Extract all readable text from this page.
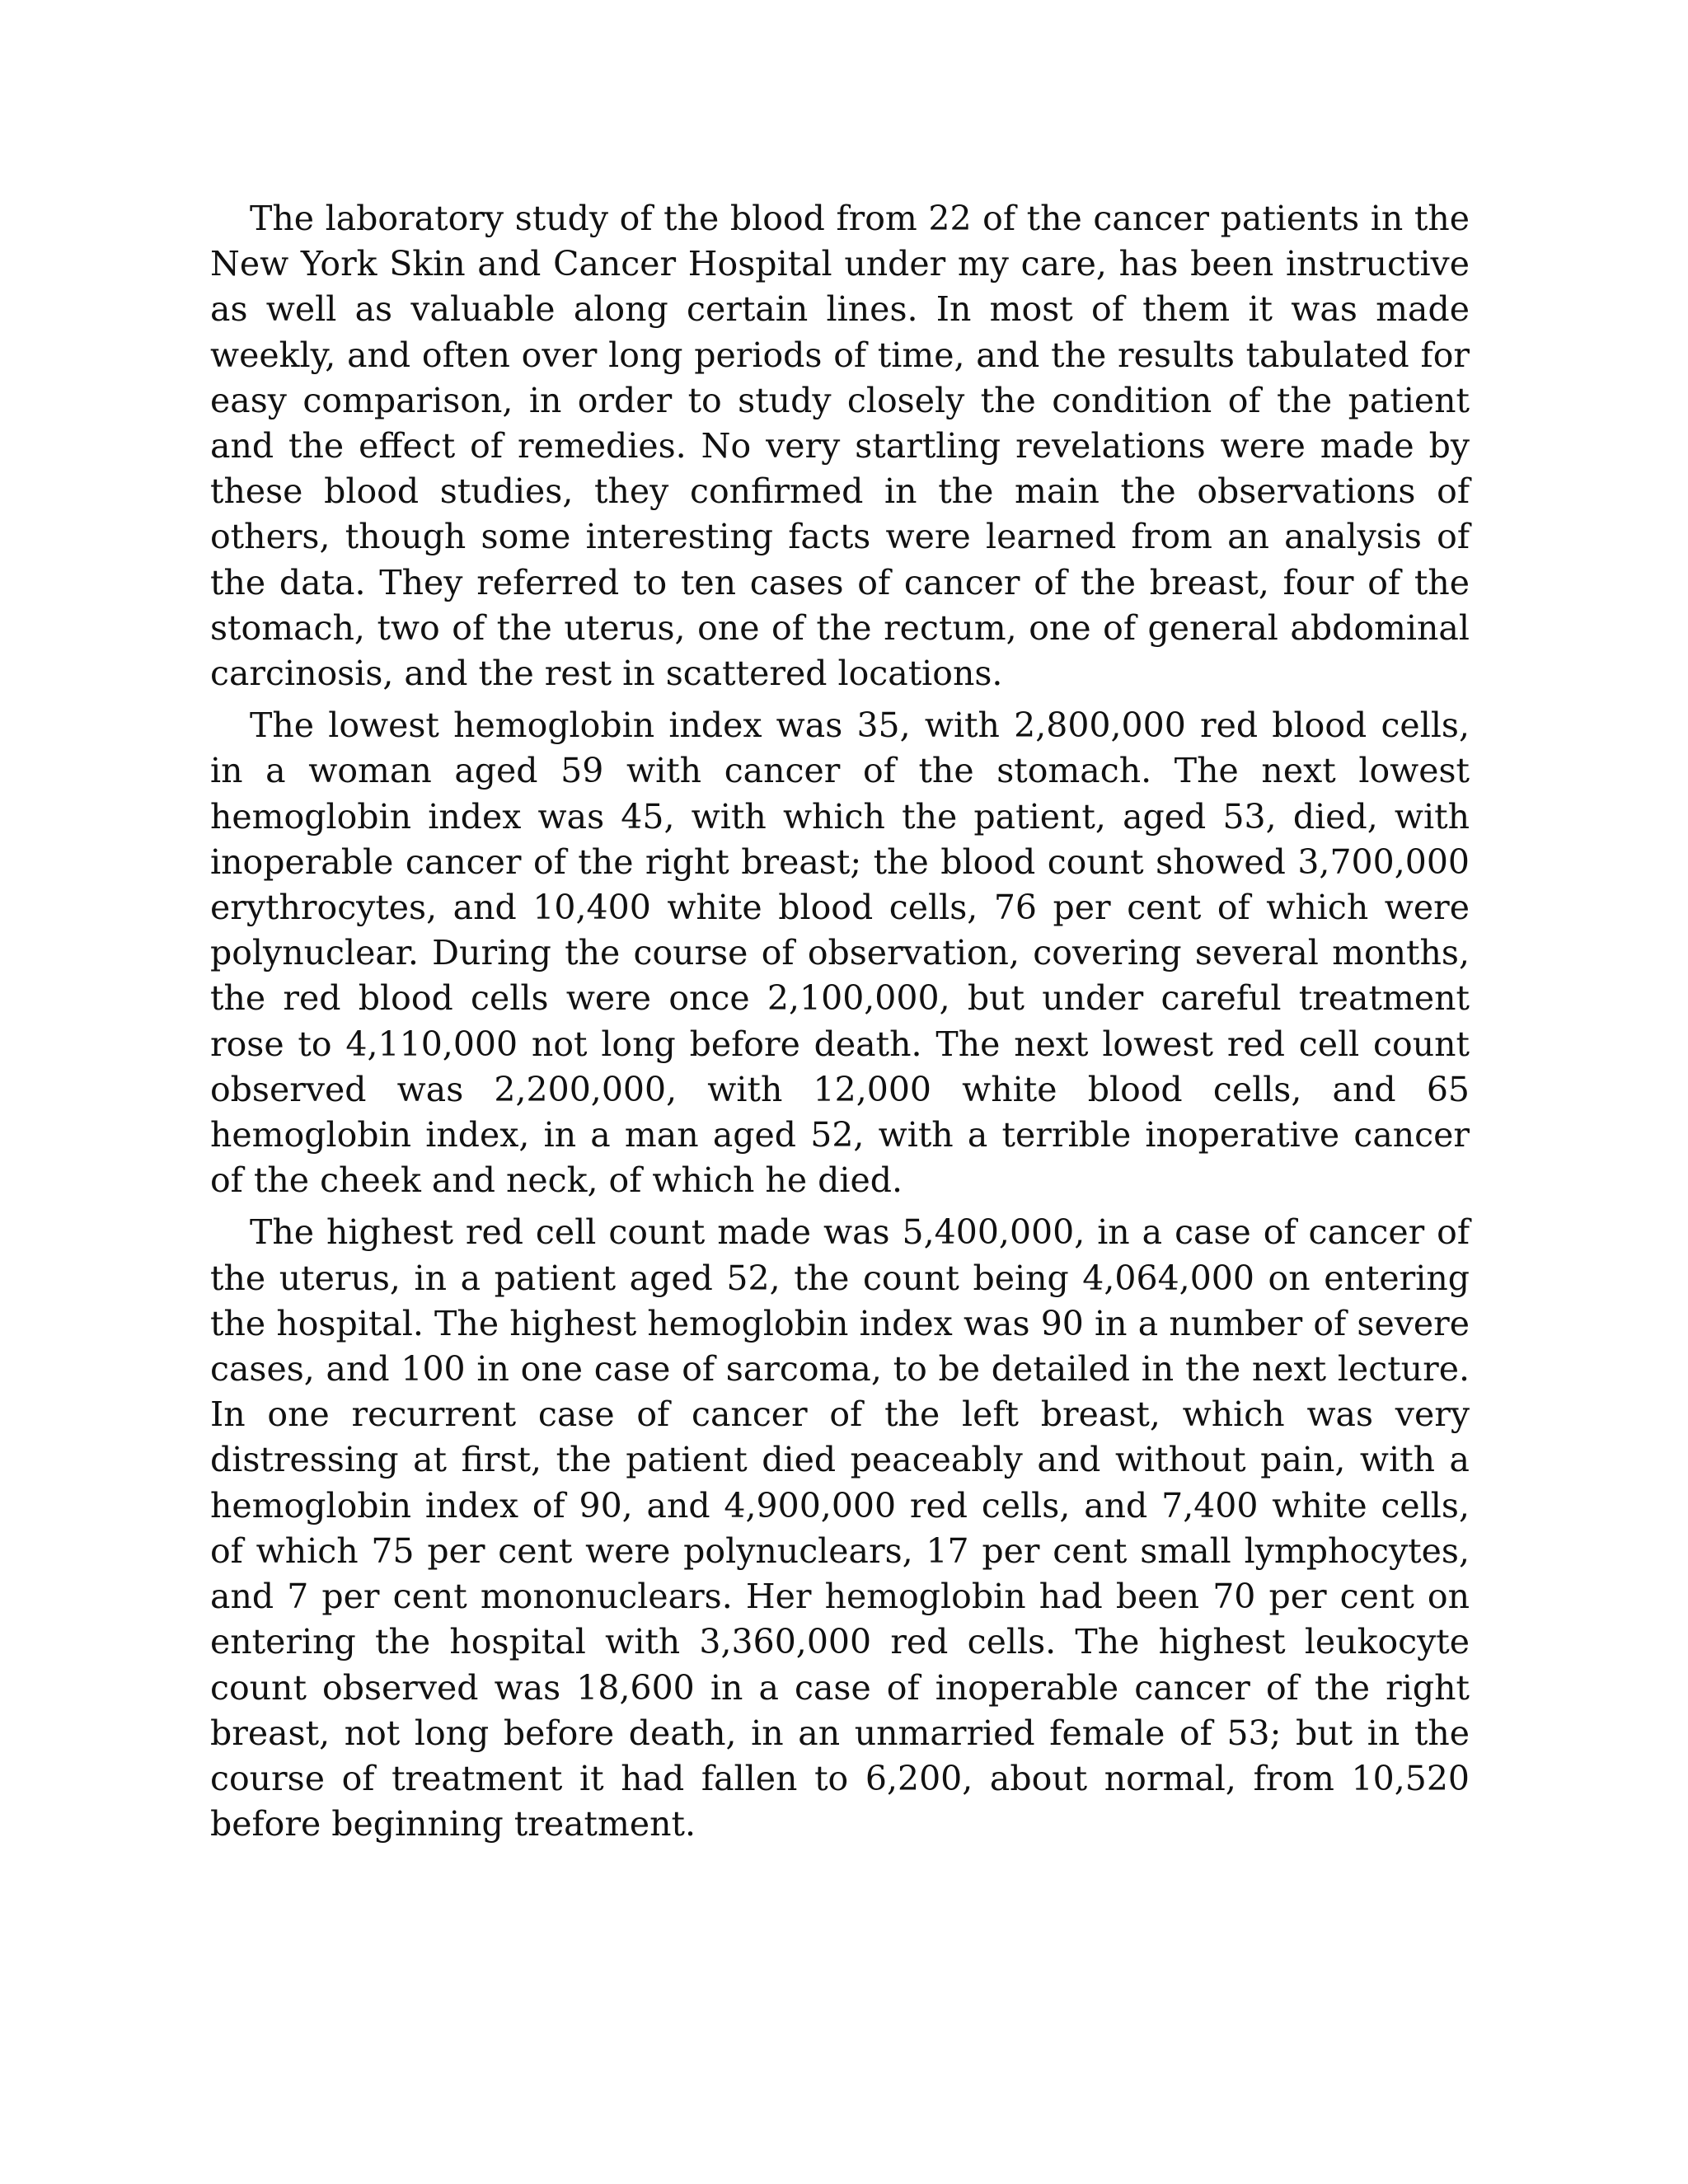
The laboratory study of the blood from 22 of the cancer patients in the New York Skin and Cancer Hospital under my care, has been instructive as well as valuable along certain lines. In most of them it was made weekly, and often over long periods of time, and the results tabulated for easy comparison, in order to study closely the condition of the patient and the effect of remedies. No very startling revelations were made by these blood studies, they confirmed in the main the observations of others, though some interesting facts were learned from an analysis of the data. They referred to ten cases of cancer of the breast, four of the stomach, two of the uterus, one of the rectum, one of general abdominal carcinosis, and the rest in scattered locations.

The lowest hemoglobin index was 35, with 2,800,000 red blood cells, in a woman aged 59 with cancer of the stomach. The next lowest hemoglobin index was 45, with which the patient, aged 53, died, with inoperable cancer of the right breast; the blood count showed 3,700,000 erythrocytes, and 10,400 white blood cells, 76 per cent of which were polynuclear. During the course of observation, covering several months, the red blood cells were once 2,100,000, but under careful treatment rose to 4,110,000 not long before death. The next lowest red cell count observed was 2,200,000, with 12,000 white blood cells, and 65 hemoglobin index, in a man aged 52, with a terrible inoperative cancer of the cheek and neck, of which he died.

The highest red cell count made was 5,400,000, in a case of cancer of the uterus, in a patient aged 52, the count being 4,064,000 on entering the hospital. The highest hemoglobin index was 90 in a number of severe cases, and 100 in one case of sarcoma, to be detailed in the next lecture. In one recurrent case of cancer of the left breast, which was very distressing at first, the patient died peaceably and without pain, with a hemoglobin index of 90, and 4,900,000 red cells, and 7,400 white cells, of which 75 per cent were polynuclears, 17 per cent small lymphocytes, and 7 per cent mononuclears. Her hemoglobin had been 70 per cent on entering the hospital with 3,360,000 red cells. The highest leukocyte count observed was 18,600 in a case of inoperable cancer of the right breast, not long before death, in an unmarried female of 53; but in the course of treatment it had fallen to 6,200, about normal, from 10,520 before beginning treatment.
